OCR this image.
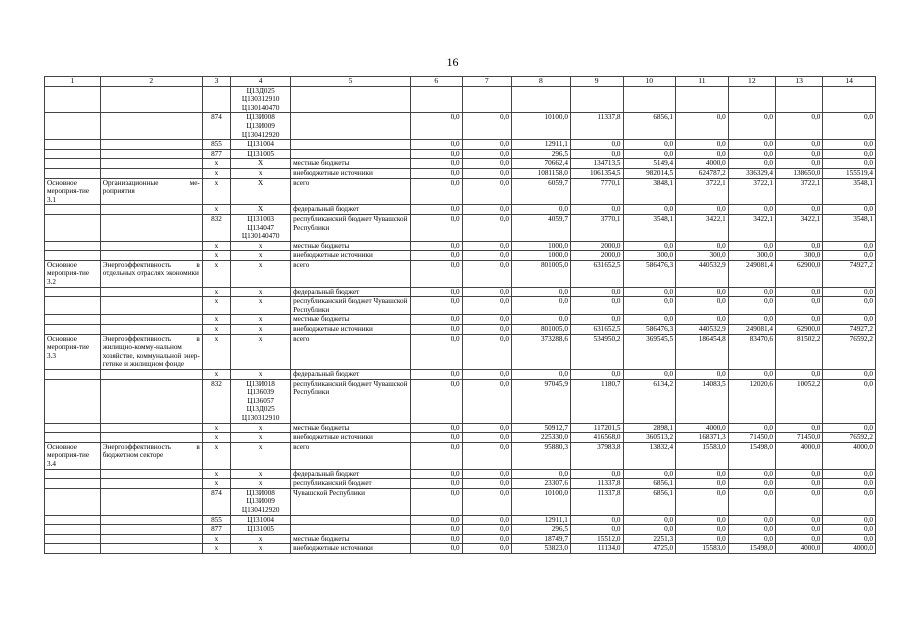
16
1	2	3	4	5	6	7	8	9	10	11	12	13	14
			Ц13Д025
Ц130312910
Ц130140470										
		874	Ц13И008
Ц13И009
Ц130412920		0,0	0,0	10100,0	11337,8	6856,1	0,0	0,0	0,0	0,0
		855	Ц131004		0,0	0,0	12911,1	0,0	0,0	0,0	0,0	0,0	0,0
		877	Ц131005		0,0	0,0	296,5	0,0	0,0	0,0	0,0	0,0	0,0
		x	X	местные бюджеты	0,0	0,0	70662,4	134713,5	5149,4	4000,0	0,0	0,0	0,0
		x	x	внебюджетные источники	0,0	0,0	1081158,0	1061354,5	982014,5	624787,2	336329,4	138650,0	155519,4
Основное мероприя-тие 3.1	Организационные ме-роприятия	x	X	всего	0,0	0,0	6059,7	7770,1	3848,1	3722,1	3722,1	3722,1	3548,1
		x	X	федеральный бюджет	0,0	0,0	0,0	0,0	0,0	0,0	0,0	0,0	0,0
		832	Ц131003
Ц134047
Ц130140470	республиканский бюджет Чувашской Республики	0,0	0,0	4059,7	3770,1	3548,1	3422,1	3422,1	3422,1	3548,1
		x	x	местные бюджеты	0,0	0,0	1000,0	2000,0	0,0	0,0	0,0	0,0	0,0
		x	x	внебюджетные источники	0,0	0,0	1000,0	2000,0	300,0	300,0	300,0	300,0	0,0
Основное мероприя-тие 3.2	Энергоэффективность в отдельных отраслях экономики	x	x	всего	0,0	0,0	801005,0	631652,5	586476,3	440532,9	249081,4	62900,0	74927,2
		x	x	федеральный бюджет	0,0	0,0	0,0	0,0	0,0	0,0	0,0	0,0	0,0
		x	x	республиканский бюджет Чувашской Республики	0,0	0,0	0,0	0,0	0,0	0,0	0,0	0,0	0,0
		x	x	местные бюджеты	0,0	0,0	0,0	0,0	0,0	0,0	0,0	0,0	0,0
		x	x	внебюджетные источники	0,0	0,0	801005,0	631652,5	586476,3	440532,9	249081,4	62900,0	74927,2
Основное мероприя-тие 3.3	Энергоэффективность в жилищно-комму-нальном хозяйстве, коммунальной энер-гетике и жилищном фонде	x	x	всего	0,0	0,0	373288,6	534950,2	369545,5	186454,8	83470,6	81502,2	76592,2
		x	x	федеральный бюджет	0,0	0,0	0,0	0,0	0,0	0,0	0,0	0,0	0,0
		832	Ц13И018
Ц136039
Ц136057
Ц13Д025
Ц130312910	республиканский бюджет Чувашской Республики	0,0	0,0	97045,9	1180,7	6134,2	14083,5	12020,6	10052,2	0,0
		x	x	местные бюджеты	0,0	0,0	50912,7	117201,5	2898,1	4000,0	0,0	0,0	0,0
		x	x	внебюджетные источники	0,0	0,0	225330,0	416568,0	360513,2	168371,3	71450,0	71450,0	76592,2
Основное мероприя-тие 3.4	Энергоэффективность в бюджетном секторе	x	x	всего	0,0	0,0	95880,3	37983,8	13832,4	15583,0	15498,0	4000,0	4000,0
		x	x	федеральный бюджет	0,0	0,0	0,0	0,0	0,0	0,0	0,0	0,0	0,0
		x	x	республиканский бюджет	0,0	0,0	23307,6	11337,8	6856,1	0,0	0,0	0,0	0,0
		874	Ц13И008
Ц13И009
Ц130412920	Чувашской Республики	0,0	0,0	10100,0	11337,8	6856,1	0,0	0,0	0,0	0,0
		855	Ц131004		0,0	0,0	12911,1	0,0	0,0	0,0	0,0	0,0	0,0
		877	Ц131005		0,0	0,0	296,5	0,0	0,0	0,0	0,0	0,0	0,0
		x	x	местные бюджеты	0,0	0,0	18749,7	15512,0	2251,3	0,0	0,0	0,0	0,0
		x	x	внебюджетные источники	0,0	0,0	53823,0	11134,0	4725,0	15583,0	15498,0	4000,0	4000,0
